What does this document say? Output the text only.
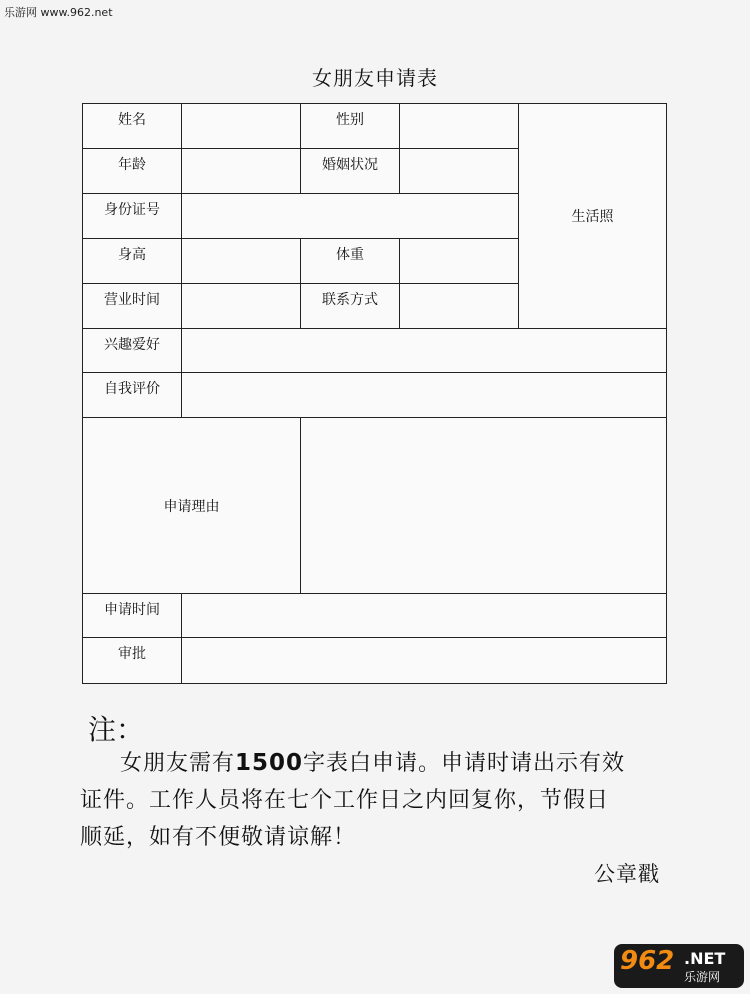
乐游网 www.962.net
女朋友申请表
姓名		性别		生活照
年龄		婚姻状况		
身份证号				
身高		体重		
营业时间		联系方式		
兴趣爱好				
自我评价				
申请理由				
申请时间				
审批				
注：
女朋友需有1500字表白申请。申请时请出示有效
证件。工作人员将在七个工作日之内回复你，节假日
顺延，如有不便敬请谅解！
公章戳
962 .NET
乐游网
